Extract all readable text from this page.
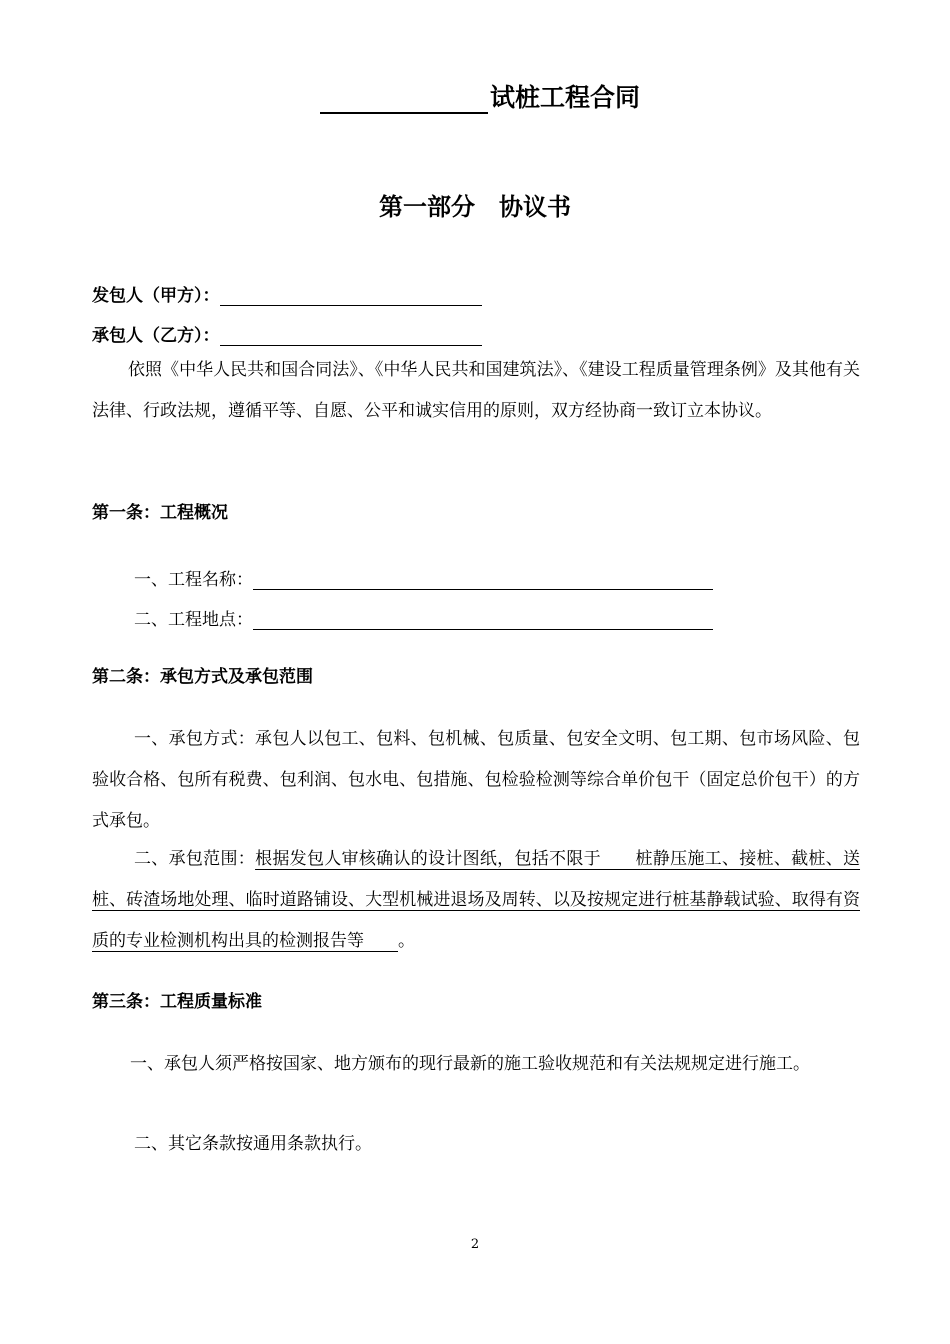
试桩工程合同
第一部分　协议书
发包人（甲方）：
承包人（乙方）：
依照《中华人民共和国合同法》、《中华人民共和国建筑法》、《建设工程质量管理条例》及其他有关法律、行政法规，遵循平等、自愿、公平和诚实信用的原则，双方经协商一致订立本协议。
第一条：工程概况
一、工程名称：
二、工程地点：
第二条：承包方式及承包范围
一、承包方式：承包人以包工、包料、包机械、包质量、包安全文明、包工期、包市场风险、包验收合格、包所有税费、包利润、包水电、包措施、包检验检测等综合单价包干（固定总价包干）的方式承包。
二、承包范围：根据发包人审核确认的设计图纸，包括不限于　　桩静压施工、接桩、截桩、送桩、砖渣场地处理、临时道路铺设、大型机械进退场及周转、以及按规定进行桩基静载试验、取得有资质的专业检测机构出具的检测报告等　　 。
第三条：工程质量标准
一、承包人须严格按国家、地方颁布的现行最新的施工验收规范和有关法规规定进行施工。
二、其它条款按通用条款执行。
2
